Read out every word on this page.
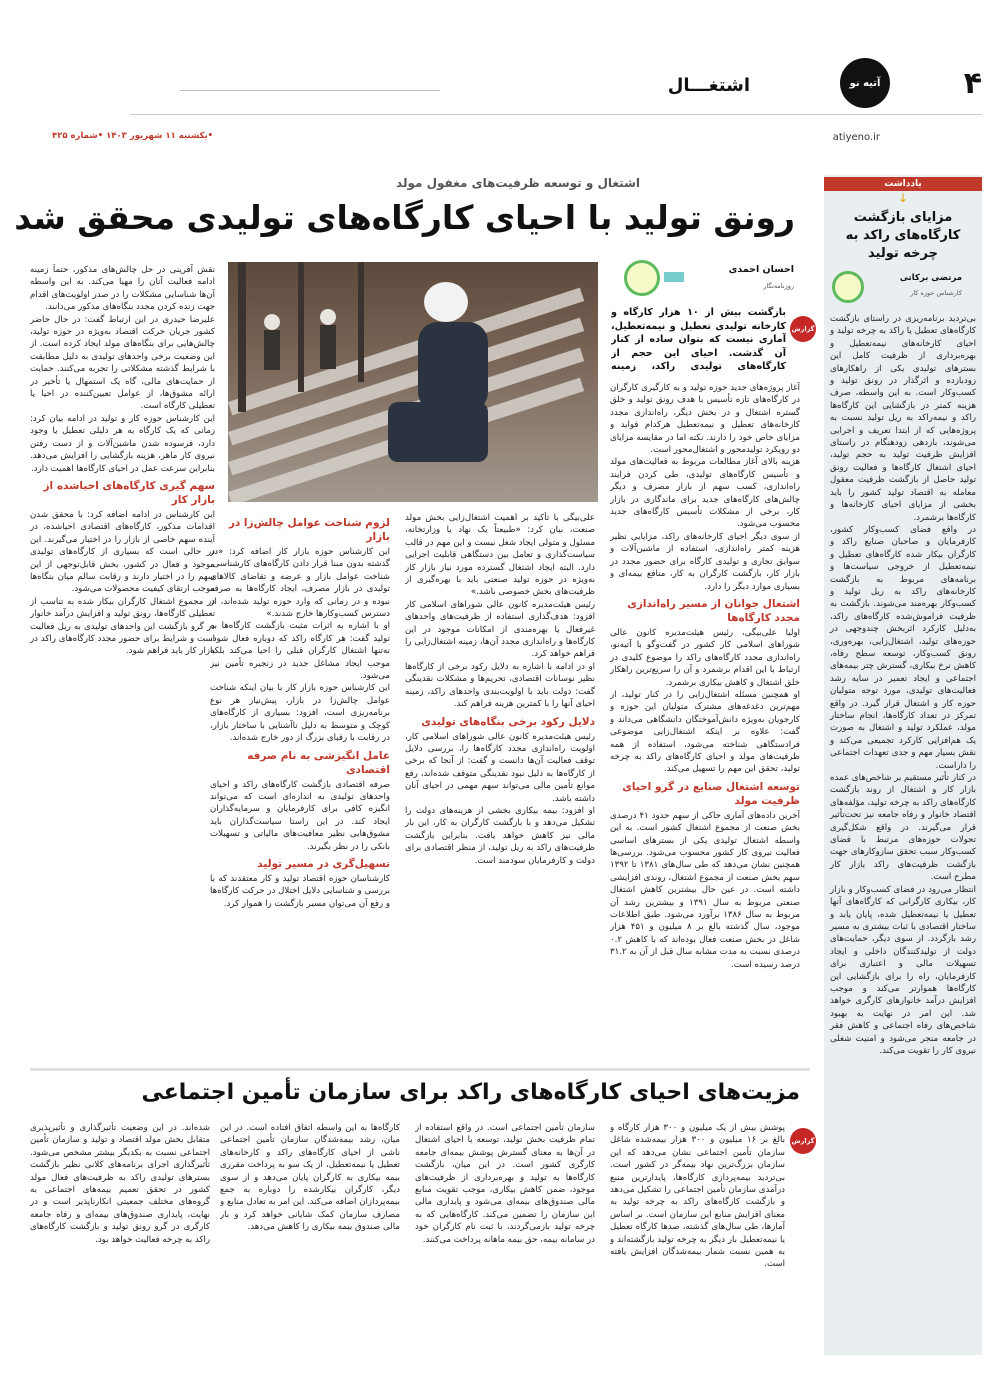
۴
آتیه نو
اشتغـــال
atiyeno.ir
•یکشنبه ۱۱ شهریور ۱۴۰۳ •شماره ۴۲۵
یادداشت
↓
مزایای بازگشت کارگاه‌های راکد به چرخه تولید
مرتضی برکاتی
کارشناس حوزه کار

بی‌تردید برنامه‌ریزی در راستای بازگشت کارگاه‌های تعطیل یا راکد به چرخه تولید و احیای کارخانه‌های نیمه‌تعطیل و بهره‌برداری از ظرفیت کامل این بسترهای تولیدی یکی از راهکارهای زودبازده و اثرگذار در رونق تولید و کسب‌وکار است. به این واسطه، صرف هزینه کمتر در بازگشایی این کارگاه‌ها راکد و نیمه‌راکد به ریل تولید نسبت به پروژه‌هایی که از ابتدا تعریف و اجرایی می‌شوند، بازدهی زودهنگام در راستای افزایش ظرفیت تولید به حجم تولید، احیای اشتغال کارگاه‌ها و فعالیت رونق تولید حاصل از بازگشت ظرفیت معقول معامله به اقتصاد تولید کشور را باید بخشی از مزایای احیای کارخانه‌ها و کارگاه‌ها برشمرد.

در واقع فضای کسب‌وکار کشور، کارفرمایان و صاحبان صنایع راکد و کارگران بیکار شده کارگاه‌های تعطیل و نیمه‌تعطیل از خروجی سیاست‌ها و برنامه‌های مربوط به بازگشت کارخانه‌های راکد به ریل تولید و کسب‌وکار بهره‌مند می‌شوند. بازگشت به ظرفیت فراموش‌شده کارگاه‌های راکد، به‌دلیل کارکرد اثربخش چندوجهی در حوزه‌های تولید، اشتغال‌زایی، بهره‌وری، رونق کسب‌وکار، توسعه سطح رفاه، کاهش نرخ بیکاری، گسترش چتر بیمه‌های اجتماعی و ایجاد تعمیر در سایه رشد فعالیت‌های تولیدی، مورد توجه متولیان حوزه کار و اشتغال قرار گیرد. در واقع تمرکز در تعداد کارگاه‌ها، انجام ساختار مولد، عملکرد تولید و اشتغال به صورت یک هم‌افزایی کارکرد تجمیعی می‌کند و نقش بسیار مهم و جدی تعهدات اجتماعی را داراست.

در کنار تأثیر مستقیم بر شاخص‌های عمده بازار کار و اشتغال از روند بازگشت کارگاه‌های راکد به چرخه تولید، مؤلفه‌های اقتصاد خانوار و رفاه جامعه نیز تحت‌تأثیر قرار می‌گیرند. در واقع شکل‌گیری تحولات حوزه‌های مرتبط با فضای کسب‌وکار سبب تحقق سازوکارهای جهت بازگشت ظرفیت‌های راکد بازار کار مطرح است.

انتظار می‌رود در فضای کسب‌وکار و بازار کار، بیکاری کارگرانی که کارگاه‌های آنها تعطیل یا نیمه‌تعطیل شده، پایان یابد و ساختار اقتصادی با ثبات بیشتری به مسیر رشد بازگردد. از سوی دیگر، حمایت‌های دولت از تولیدکنندگان داخلی و ایجاد تسهیلات مالی و اعتباری برای کارفرمایان، راه را برای بازگشایی این کارگاه‌ها هموارتر می‌کند و موجب افزایش درآمد خانوارهای کارگری خواهد شد. این امر در نهایت به بهبود شاخص‌های رفاه اجتماعی و کاهش فقر در جامعه منجر می‌شود و امنیت شغلی نیروی کار را تقویت می‌کند.

اشتغال و توسعه ظرفیت‌های مغفول مولد
رونق تولید با احیای کارگاه‌های تولیدی محقق شد
احسان احمدی
روزنامه‌نگار
گزارش

بازگشت بیش از ۱۰ هزار کارگاه و کارخانه تولیدی تعطیل و نیمه‌تعطیل، آماری نیست که بتوان ساده از کنار آن گذشت. احیای این حجم از کارگاه‌های تولیدی راکد، زمینه

آغاز پروژه‌های جدید حوزه تولید و به کارگیری کارگران در کارگاه‌های تازه تأسیس با هدف رونق تولید و خلق گستره اشتغال و در بخش دیگر، راه‌اندازی مجدد کارخانه‌های تعطیل و نیمه‌تعطیل هرکدام فواید و مزایای خاص خود را دارند. نکته اما در مقایسه مزایای دو رویکرد تولیدمحور و اشتغال‌محور است.

هزینه بالای آغاز مطالعات مربوط به فعالیت‌های مولد و تأسیس کارگاه‌های تولیدی، طی کردن فرایند راه‌اندازی، کسب سهم از بازار مصرف و دیگر چالش‌های کارگاه‌های جدید برای ماندگاری در بازار کار، برخی از مشکلات تأسیس کارگاه‌های جدید محسوب می‌شود.

از سوی دیگر احیای کارخانه‌های راکد، مزایایی نظیر هزینه کمتر راه‌اندازی، استفاده از ماشین‌آلات و سوابق تجاری و تولیدی کارگاه برای حضور مجدد در بازار کار، بازگشت کارگران به کار، منافع بیمه‌ای و بسیاری موارد دیگر را دارد.

اشتغال جوانان از مسیر راه‌اندازی مجدد کارگاه‌ها

اولیا علی‌بیگی، رئیس هیئت‌مدیره کانون عالی شوراهای اسلامی کار کشور در گفت‌وگو با آتیه‌نو، راه‌اندازی مجدد کارگاه‌های راکد را موضوع کلیدی در ارتباط با این اقدام برشمرد و آن را سریع‌ترین راهکار خلق اشتغال و کاهش بیکاری برشمرد.

او همچنین مسئله اشتغال‌زایی را در کنار تولید، از مهم‌ترین دغدغه‌های مشترک متولیان این حوزه و کارجویان به‌ویژه دانش‌آموختگان دانشگاهی می‌داند و گفت: علاوه بر اینکه اشتغال‌زایی موضوعی فرادستگاهی شناخته می‌شود، استفاده از همه ظرفیت‌های مولد و احیای کارگاه‌های راکد به چرخه تولید، تحقق این مهم را تسهیل می‌کند.

توسعه اشتغال صنایع در گرو احیای ظرفیت مولد

آخرین داده‌های آماری حاکی از سهم حدود ۴۱ درصدی بخش صنعت از مجموع اشتغال کشور است. به این واسطه اشتغال تولیدی یکی از بسترهای اساسی فعالیت نیروی کار کشور محسوب می‌شود. بررسی‌ها همچنین نشان می‌دهد که طی سال‌های ۱۳۸۱ تا ۱۳۹۲ سهم بخش صنعت از مجموع اشتغال، روندی افزایشی داشته است. در عین حال بیشترین کاهش اشتغال صنعتی مربوط به سال ۱۳۹۱ و بیشترین رشد آن مربوط به سال ۱۳۸۶ برآورد می‌شود. طبق اطلاعات موجود، سال گذشته بالغ بر ۸ میلیون و ۴۵۱ هزار شاغل در بخش صنعت فعال بوده‌اند که با کاهش ۰.۲ درصدی نسبت به مدت مشابه سال قبل از آن به ۳۱.۲ درصد رسیده است.

علی‌بیگی با تأکید بر اهمیت اشتغال‌زایی بخش مولد صنعت، بیان کرد: «طبیعتاً یک نهاد یا وزارتخانه، مسئول و متولی ایجاد شغل نیست و این مهم در قالب سیاست‌گذاری و تعامل بین دستگاهی قابلیت اجرایی دارد. البته ایجاد اشتغال گسترده مورد نیاز بازار کار به‌ویژه در حوزه تولید صنعتی باید با بهره‌گیری از ظرفیت‌های بخش خصوصی باشد.»

رئیس هیئت‌مدیره کانون عالی شوراهای اسلامی کار افزود: هدف‌گذاری استفاده از ظرفیت‌های واحدهای غیرفعال یا بهره‌مندی از امکانات موجود در این کارگاه‌ها و راه‌اندازی مجدد آن‌ها، زمینه اشتغال‌زایی را فراهم خواهد کرد.

او در ادامه با اشاره به دلایل رکود برخی از کارگاه‌ها نظیر نوسانات اقتصادی، تحریم‌ها و مشکلات نقدینگی گفت: دولت باید با اولویت‌بندی واحدهای راکد، زمینه احیای آنها را با کمترین هزینه فراهم کند.

دلایل رکود برخی بنگاه‌های تولیدی

رئیس هیئت‌مدیره کانون عالی شوراهای اسلامی کار، اولویت راه‌اندازی مجدد کارگاه‌ها را، بررسی دلایل توقف فعالیت آن‌ها دانست و گفت: از آنجا که برخی از کارگاه‌ها به دلیل نبود نقدینگی متوقف شده‌اند، رفع موانع تأمین مالی می‌تواند سهم مهمی در احیای آنان داشته باشد.

او افزود: بیمه بیکاری بخشی از هزینه‌های دولت را تشکیل می‌دهد و با بازگشت کارگران به کار، این بار مالی نیز کاهش خواهد یافت. بنابراین بازگشت ظرفیت‌های راکد به ریل تولید، از منظر اقتصادی برای دولت و کارفرمایان سودمند است.

لزوم شناخت عوامل چالش‌زا در بازار

این کارشناس حوزه بازار کار اضافه کرد: «در گذشته بدون مبنا قرار دادن کارگاه‌های کارشناسی، شناخت عوامل بازار و عرضه و تقاضای کالاهای تولیدی در بازار مصرف، ایجاد کارگاه‌ها به صرفه نبوده و در زمانی که وارد حوزه تولید شده‌اند، از دسترس کسب‌وکارها خارج شدند.»

او با اشاره به اثرات مثبت بازگشت کارگاه‌ها به تولید گفت: هر کارگاه راکد که دوباره فعال شود، نه‌تنها اشتغال کارگران قبلی را احیا می‌کند بلکه موجب ایجاد مشاغل جدید در زنجیره تأمین نیز می‌شود.

این کارشناس حوزه بازار کار با بیان اینکه شناخت عوامل چالش‌زا در بازار، پیش‌نیاز هر نوع برنامه‌ریزی است، افزود: بسیاری از کارگاه‌های کوچک و متوسط به دلیل ناآشنایی با ساختار بازار، در رقابت با رقبای بزرگ از دور خارج شده‌اند.

عامل انگیزشی به نام صرفه اقتصادی

صرفه اقتصادی بازگشت کارگاه‌های راکد و احیای واحدهای تولیدی به اندازه‌ای است که می‌تواند انگیزه کافی برای کارفرمایان و سرمایه‌گذاران ایجاد کند. در این راستا سیاست‌گذاران باید مشوق‌هایی نظیر معافیت‌های مالیاتی و تسهیلات بانکی را در نظر بگیرند.

تسهیل‌گری در مسیر تولید

کارشناسان حوزه اقتصاد تولید و کار معتقدند که با بررسی و شناسایی دلایل اختلال در حرکت کارگاه‌ها و رفع آن می‌توان مسیر بازگشت را هموار کرد.

نقش آفرینی در حل چالش‌های مذکور، حتماً زمینه ادامه فعالیت آنان را مهیا می‌کند. به این واسطه آن‌ها شناسایی مشکلات را در صدر اولویت‌های اقدام جهت زنده کردن مجدد بنگاه‌های مذکور می‌دانند.

علیرضا حیدری در این ارتباط گفت: در حال حاضر کشور جریان حرکت اقتصاد به‌ویژه در حوزه تولید، چالش‌هایی برای بنگاه‌های مولد ایجاد کرده است. از این وضعیت برخی واحدهای تولیدی به دلیل مطابقت با شرایط گذشته مشکلاتی را تجربه می‌کنند. حمایت از حمایت‌های مالی، گاه یک استمهال یا تأخیر در ارائه مشوق‌ها، از عوامل تعیین‌کننده در احیا یا تعطیلی کارگاه است.

این کارشناس حوزه کار و تولید در ادامه بیان کرد: زمانی که یک کارگاه به هر دلیلی تعطیل یا وجود دارد، فرسوده شدن ماشین‌آلات و از دست رفتن نیروی کار ماهر، هزینه بازگشایی را افزایش می‌دهد. بنابراین سرعت عمل در احیای کارگاه‌ها اهمیت دارد.

سهم گیری کارگاه‌های احیاشده از بازار کار

این کارشناس در ادامه اضافه کرد: با محقق شدن اقدامات مذکور، کارگاه‌های اقتصادی احیاشده، در آینده سهم خاصی از بازار را در اختیار می‌گیرند. این در حالی است که بسیاری از کارگاه‌های تولیدی موجود و فعال در کشور، بخش قابل‌توجهی از این سهم را در اختیار دارند و رقابت سالم میان بنگاه‌ها موجب ارتقای کیفیت محصولات می‌شود.

در مجموع اشتغال کارگران بیکار شده به تناسب از تعطیلی کارگاه‌ها، رونق تولید و افزایش درآمد خانوار در گرو بازگشت این واحدهای تولیدی به ریل فعالیت است و شرایط برای حضور مجدد کارگاه‌های راکد در بازار کار باید فراهم شود.

مزیت‌های احیای کارگاه‌های راکد برای سازمان تأمین اجتماعی
گزارش

پوشش بیش از یک میلیون و ۳۰۰ هزار کارگاه و بالغ بر ۱۶ میلیون و ۳۰۰ هزار بیمه‌شده شاغل سازمان تأمین اجتماعی نشان می‌دهد که این سازمان بزرگ‌ترین نهاد بیمه‌گر در کشور است. بی‌تردید بیمه‌پردازی کارگاه‌ها، پایدارترین منبع درآمدی سازمان تأمین اجتماعی را تشکیل می‌دهد و بازگشت کارگاه‌های راکد به چرخه تولید به معنای افزایش منابع این سازمان است. بر اساس آمارها، طی سال‌های گذشته، صدها کارگاه تعطیل یا نیمه‌تعطیل بار دیگر به چرخه تولید بازگشته‌اند و به همین نسبت شمار بیمه‌شدگان افزایش یافته است.

سازمان تأمین اجتماعی است. در واقع استفاده از تمام ظرفیت بخش تولید، توسعه یا احیای اشتغال در آن‌ها به معنای گسترش پوشش بیمه‌ای جامعه کارگری کشور است. در این میان، بازگشت کارگاه‌ها به تولید و بهره‌برداری از ظرفیت‌های موجود، ضمن کاهش بیکاری، موجب تقویت منابع مالی صندوق‌های بیمه‌ای می‌شود و پایداری مالی این سازمان را تضمین می‌کند. کارگاه‌هایی که به چرخه تولید بازمی‌گردند، با ثبت نام کارگران خود در سامانه بیمه، حق بیمه ماهانه پرداخت می‌کنند.

کارگاه‌ها به این واسطه اتفاق افتاده است. در این میان، رشد بیمه‌شدگان سازمان تأمین اجتماعی ناشی از احیای کارگاه‌های راکد و کارخانه‌های تعطیل یا نیمه‌تعطیل، از یک سو به پرداخت مقرری بیمه بیکاری به کارگران پایان می‌دهد و از سوی دیگر، کارگران بیکارشده را دوباره به جمع بیمه‌پردازان اضافه می‌کند. این امر به تعادل منابع و مصارف سازمان کمک شایانی خواهد کرد و بار مالی صندوق بیمه بیکاری را کاهش می‌دهد.

شده‌اند. در این وضعیت تأثیرگذاری و تأثیرپذیری متقابل بخش مولد اقتصاد و تولید و سازمان تأمین اجتماعی نسبت به یکدیگر بیشتر مشخص می‌شود. تأثیرگذاری اجرای برنامه‌های کلانی نظیر بازگشت بسترهای تولیدی راکد به ظرفیت‌های فعال مولد کشور در تحقق تعمیم بیمه‌های اجتماعی به گروه‌های مختلف جمعیتی انکارناپذیر است و در نهایت، پایداری صندوق‌های بیمه‌ای و رفاه جامعه کارگری در گرو رونق تولید و بازگشت کارگاه‌های راکد به چرخه فعالیت خواهد بود.
